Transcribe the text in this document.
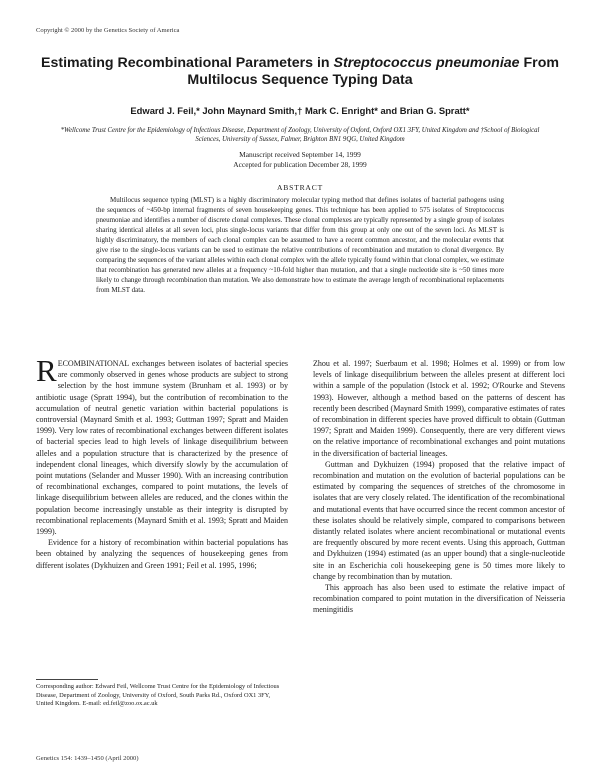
Copyright © 2000 by the Genetics Society of America
Estimating Recombinational Parameters in Streptococcus pneumoniae From Multilocus Sequence Typing Data
Edward J. Feil,* John Maynard Smith,† Mark C. Enright* and Brian G. Spratt*
*Wellcome Trust Centre for the Epidemiology of Infectious Disease, Department of Zoology, University of Oxford, Oxford OX1 3FY, United Kingdom and †School of Biological Sciences, University of Sussex, Falmer, Brighton BN1 9QG, United Kingdom
Manuscript received September 14, 1999
Accepted for publication December 28, 1999
ABSTRACT
Multilocus sequence typing (MLST) is a highly discriminatory molecular typing method that defines isolates of bacterial pathogens using the sequences of ~450-bp internal fragments of seven housekeeping genes. This technique has been applied to 575 isolates of Streptococcus pneumoniae and identifies a number of discrete clonal complexes. These clonal complexes are typically represented by a single group of isolates sharing identical alleles at all seven loci, plus single-locus variants that differ from this group at only one out of the seven loci. As MLST is highly discriminatory, the members of each clonal complex can be assumed to have a recent common ancestor, and the molecular events that give rise to the single-locus variants can be used to estimate the relative contributions of recombination and mutation to clonal divergence. By comparing the sequences of the variant alleles within each clonal complex with the allele typically found within that clonal complex, we estimate that recombination has generated new alleles at a frequency ~10-fold higher than mutation, and that a single nucleotide site is ~50 times more likely to change through recombination than mutation. We also demonstrate how to estimate the average length of recombinational replacements from MLST data.

RECOMBINATIONAL exchanges between isolates of bacterial species are commonly observed in genes whose products are subject to strong selection by the host immune system (Brunham et al. 1993) or by antibiotic usage (Spratt 1994), but the contribution of recombination to the accumulation of neutral genetic variation within bacterial populations is controversial (Maynard Smith et al. 1993; Guttman 1997; Spratt and Maiden 1999). Very low rates of recombinational exchanges between different isolates of bacterial species lead to high levels of linkage disequilibrium between alleles and a population structure that is characterized by the presence of independent clonal lineages, which diversify slowly by the accumulation of point mutations (Selander and Musser 1990). With an increasing contribution of recombinational exchanges, compared to point mutations, the levels of linkage disequilibrium between alleles are reduced, and the clones within the population become increasingly unstable as their integrity is disrupted by recombinational replacements (Maynard Smith et al. 1993; Spratt and Maiden 1999).

Evidence for a history of recombination within bacterial populations has been obtained by analyzing the sequences of housekeeping genes from different isolates (Dykhuizen and Green 1991; Feil et al. 1995, 1996;

Zhou et al. 1997; Suerbaum et al. 1998; Holmes et al. 1999) or from low levels of linkage disequilibrium between the alleles present at different loci within a sample of the population (Istock et al. 1992; O'Rourke and Stevens 1993). However, although a method based on the patterns of descent has recently been described (Maynard Smith 1999), comparative estimates of rates of recombination in different species have proved difficult to obtain (Guttman 1997; Spratt and Maiden 1999). Consequently, there are very different views on the relative importance of recombinational exchanges and point mutations in the diversification of bacterial lineages.

Guttman and Dykhuizen (1994) proposed that the relative impact of recombination and mutation on the evolution of bacterial populations can be estimated by comparing the sequences of stretches of the chromosome in isolates that are very closely related. The identification of the recombinational and mutational events that have occurred since the recent common ancestor of these isolates should be relatively simple, compared to comparisons between distantly related isolates where ancient recombinational or mutational events are frequently obscured by more recent events. Using this approach, Guttman and Dykhuizen (1994) estimated (as an upper bound) that a single-nucleotide site in an Escherichia coli housekeeping gene is 50 times more likely to change by recombination than by mutation.

This approach has also been used to estimate the relative impact of recombination compared to point mutation in the diversification of Neisseria meningitidis

Corresponding author: Edward Feil, Wellcome Trust Centre for the Epidemiology of Infectious Disease, Department of Zoology, University of Oxford, South Parks Rd., Oxford OX1 3FY, United Kingdom. E-mail: ed.feil@zoo.ox.ac.uk
Genetics 154: 1439–1450 (April 2000)
